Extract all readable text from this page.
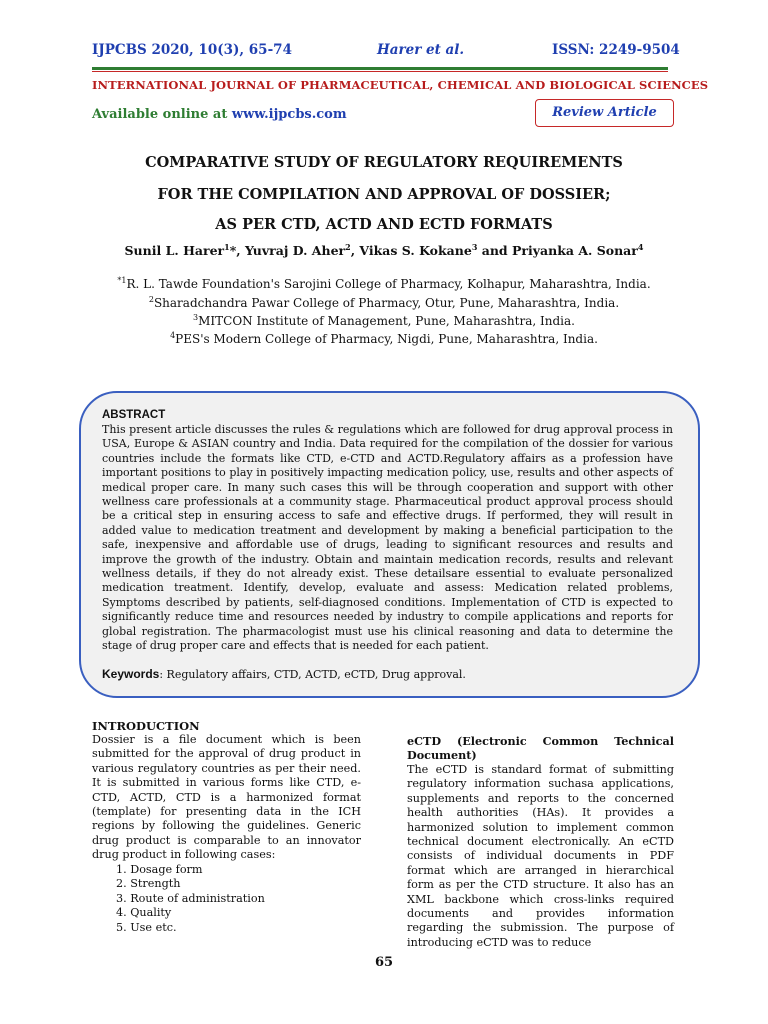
IJPCBS 2020, 10(3), 65-74	Harer et al.	ISSN: 2249-9504
INTERNATIONAL JOURNAL OF PHARMACEUTICAL, CHEMICAL AND BIOLOGICAL SCIENCES
Available online at www.ijpcbs.com	Review Article
COMPARATIVE STUDY OF REGULATORY REQUIREMENTS
FOR THE COMPILATION AND APPROVAL OF DOSSIER;
AS PER CTD, ACTD AND ECTD FORMATS
Sunil L. Harer$^1$*, Yuvraj D. Aher$^2$, Vikas S. Kokane$^3$ and Priyanka A. Sonar$^4$
$^{*1}$R. L. Tawde Foundation's Sarojini College of Pharmacy, Kolhapur, Maharashtra, India.
$^2$Sharadchandra Pawar College of Pharmacy, Otur, Pune, Maharashtra, India.
$^3$MITCON Institute of Management, Pune, Maharashtra, India.
$^4$PES's Modern College of Pharmacy, Nigdi, Pune, Maharashtra, India.
ABSTRACT
This present article discusses the rules & regulations which are followed for drug approval process in USA, Europe & ASIAN country and India. Data required for the compilation of the dossier for various countries include the formats like CTD, e-CTD and ACTD.Regulatory affairs as a profession have important positions to play in positively impacting medication policy, use, results and other aspects of medical proper care. In many such cases this will be through cooperation and support with other wellness care professionals at a community stage. Pharmaceutical product approval process should be a critical step in ensuring access to safe and effective drugs. If performed, they will result in added value to medication treatment and development by making a beneficial participation to the safe, inexpensive and affordable use of drugs, leading to significant resources and results and improve the growth of the industry. Obtain and maintain medication records, results and relevant wellness details, if they do not already exist. These detailsare essential to evaluate personalized medication treatment. Identify, develop, evaluate and assess: Medication related problems, Symptoms described by patients, self-diagnosed conditions. Implementation of CTD is expected to significantly reduce time and resources needed by industry to compile applications and reports for global registration. The pharmacologist must use his clinical reasoning and data to determine the stage of drug proper care and effects that is needed for each patient.
Keywords: Regulatory affairs, CTD, ACTD, eCTD, Drug approval.
INTRODUCTION
Dossier is a file document which is been submitted for the approval of drug product in various regulatory countries as per their need. It is submitted in various forms like CTD, e-CTD, ACTD, CTD is a harmonized format (template) for presenting data in the ICH regions by following the guidelines. Generic drug product is comparable to an innovator drug product in following cases:
1. Dosage form
2. Strength
3. Route of administration
4. Quality
5. Use etc.
eCTD (Electronic Common Technical Document)
The eCTD is standard format of submitting regulatory information suchasa applications, supplements and reports to the concerned health authorities (HAs). It provides a harmonized solution to implement common technical document electronically. An eCTD consists of individual documents in PDF format which are arranged in hierarchical form as per the CTD structure. It also has an XML backbone which cross-links required documents and provides information regarding the submission. The purpose of introducing eCTD was to reduce
65
